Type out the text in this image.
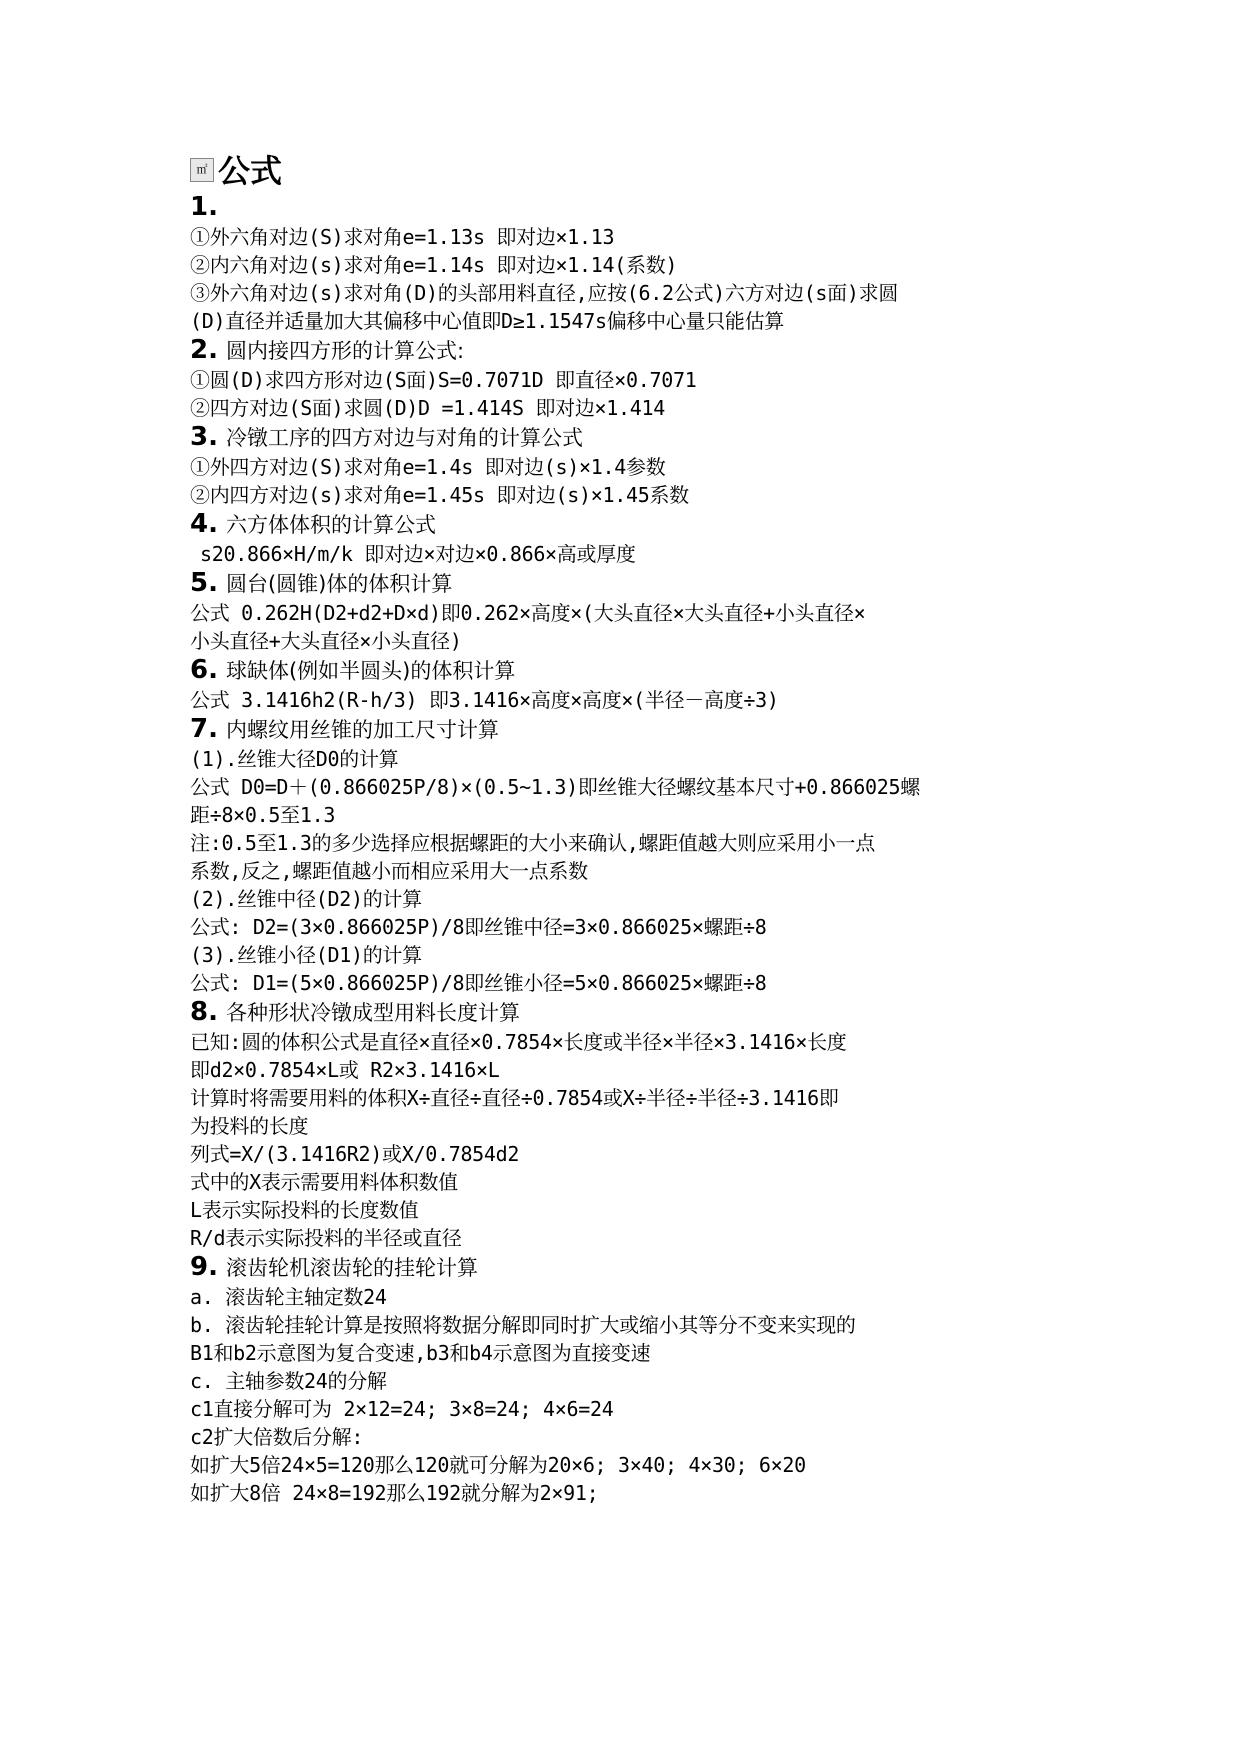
㎡ 公式
1.
①外六角对边(S)求对角e=1.13s 即对边×1.13
②内六角对边(s)求对角e=1.14s 即对边×1.14(系数)
③外六角对边(s)求对角(D)的头部用料直径,应按(6.2公式)六方对边(s面)求圆
(D)直径并适量加大其偏移中心值即D≥1.1547s偏移中心量只能估算
2. 圆内接四方形的计算公式:
①圆(D)求四方形对边(S面)S=0.7071D 即直径×0.7071
②四方对边(S面)求圆(D)D =1.414S 即对边×1.414
3. 冷镦工序的四方对边与对角的计算公式
①外四方对边(S)求对角e=1.4s 即对边(s)×1.4参数
②内四方对边(s)求对角e=1.45s 即对边(s)×1.45系数
4. 六方体体积的计算公式
s20.866×H/m/k 即对边×对边×0.866×高或厚度
5. 圆台(圆锥)体的体积计算
公式 0.262H(D2+d2+D×d)即0.262×高度×(大头直径×大头直径+小头直径×
小头直径+大头直径×小头直径)
6. 球缺体(例如半圆头)的体积计算
公式 3.1416h2(R-h/3) 即3.1416×高度×高度×(半径－高度÷3)
7. 内螺纹用丝锥的加工尺寸计算
(1).丝锥大径D0的计算
公式 D0=D＋(0.866025P/8)×(0.5~1.3)即丝锥大径螺纹基本尺寸+0.866025螺
距÷8×0.5至1.3
注:0.5至1.3的多少选择应根据螺距的大小来确认,螺距值越大则应采用小一点
系数,反之,螺距值越小而相应采用大一点系数
(2).丝锥中径(D2)的计算
公式: D2=(3×0.866025P)/8即丝锥中径=3×0.866025×螺距÷8
(3).丝锥小径(D1)的计算
公式: D1=(5×0.866025P)/8即丝锥小径=5×0.866025×螺距÷8
8. 各种形状冷镦成型用料长度计算
已知:圆的体积公式是直径×直径×0.7854×长度或半径×半径×3.1416×长度
即d2×0.7854×L或 R2×3.1416×L
计算时将需要用料的体积X÷直径÷直径÷0.7854或X÷半径÷半径÷3.1416即
为投料的长度
列式=X/(3.1416R2)或X/0.7854d2
式中的X表示需要用料体积数值
L表示实际投料的长度数值
R/d表示实际投料的半径或直径
9. 滚齿轮机滚齿轮的挂轮计算
a. 滚齿轮主轴定数24
b. 滚齿轮挂轮计算是按照将数据分解即同时扩大或缩小其等分不变来实现的
B1和b2示意图为复合变速,b3和b4示意图为直接变速
c. 主轴参数24的分解
c1直接分解可为 2×12=24; 3×8=24; 4×6=24
c2扩大倍数后分解:
如扩大5倍24×5=120那么120就可分解为20×6; 3×40; 4×30; 6×20
如扩大8倍 24×8=192那么192就分解为2×91;
